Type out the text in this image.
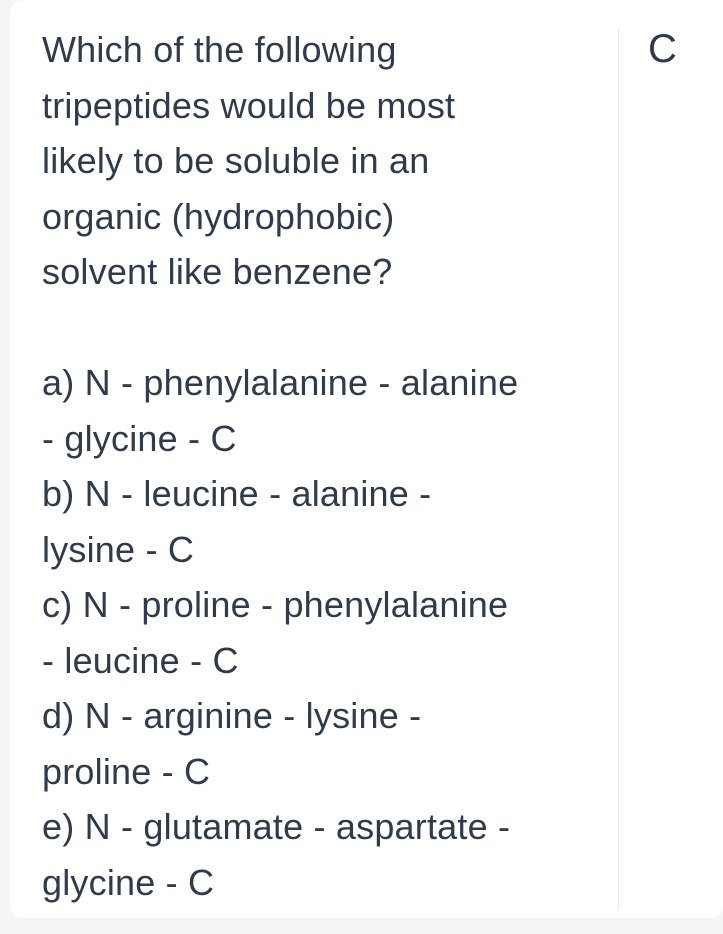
Which of the following
tripeptides would be most
likely to be soluble in an
organic (hydrophobic)
solvent like benzene?
a) N - phenylalanine - alanine
- glycine - C
b) N - leucine - alanine -
lysine - C
c) N - proline - phenylalanine
- leucine - C
d) N - arginine - lysine -
proline - C
e) N - glutamate - aspartate -
glycine - C
C
